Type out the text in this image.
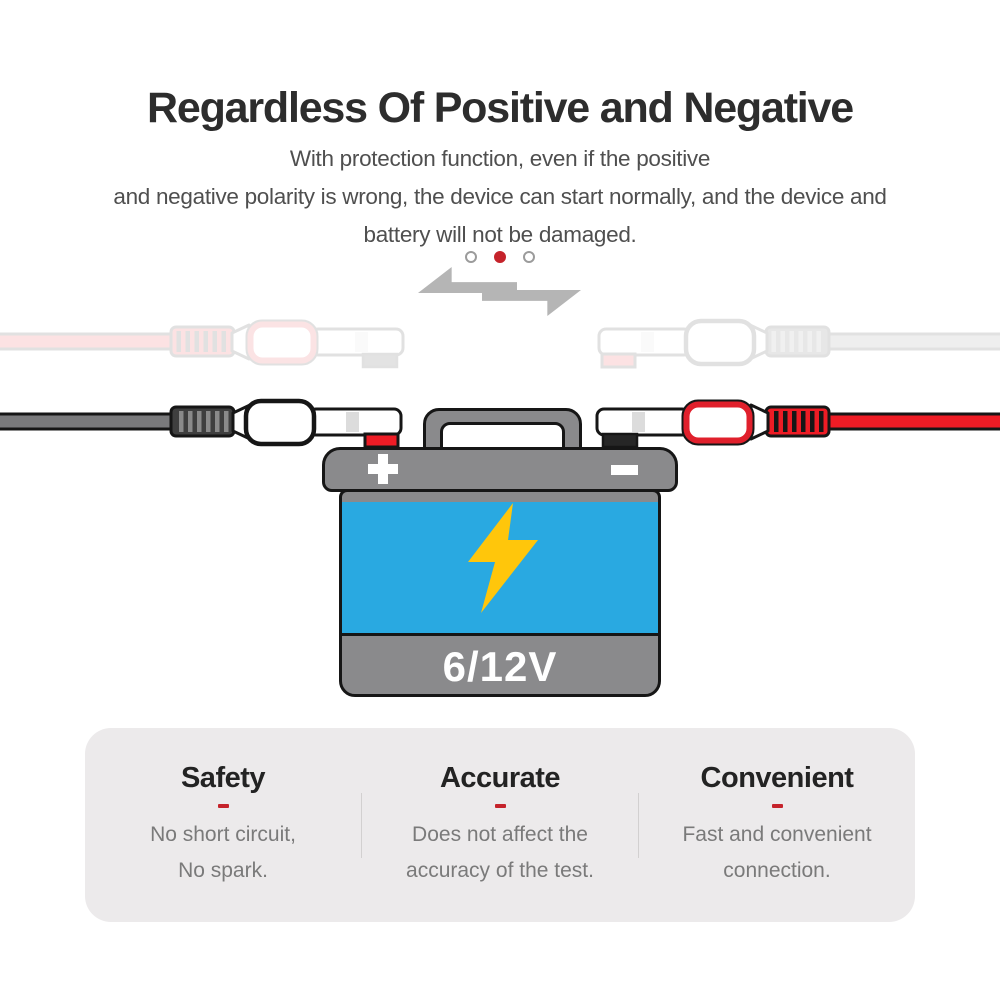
Regardless Of Positive and Negative
With protection function, even if the positive
and negative polarity is wrong, the device can start normally, and the device and
battery will not be damaged.
6/12V
Safety
No short circuit,
No spark.
Accurate
Does not affect the
accuracy of the test.
Convenient
Fast and convenient
connection.
